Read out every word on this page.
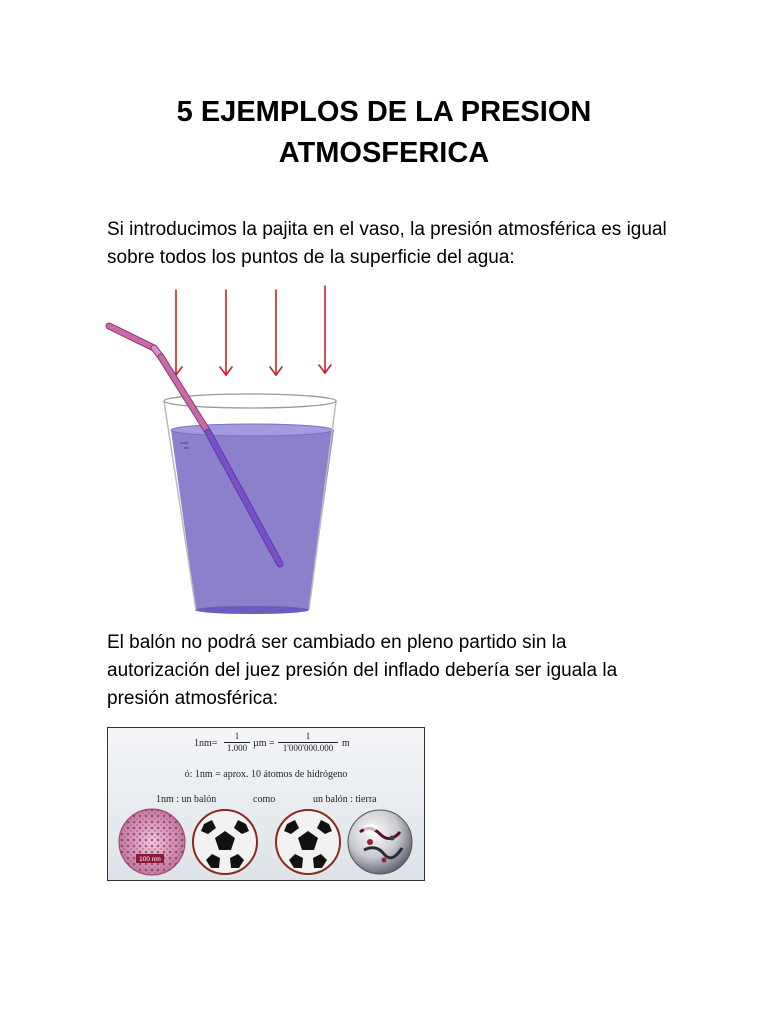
5 EJEMPLOS DE LA PRESION
ATMOSFERICA
Si introducimos la pajita en el vaso, la presión atmosférica es igual sobre todos los puntos de la superficie del agua:
El balón no podrá ser cambiado en pleno partido sin la autorización del juez presión del inflado debería ser iguala la presión atmosférica:
$1nm= \frac{1}{1.000}$ $\mu m = \frac{1}{1'000'000.000}$ m
ó: 1nm = aprox. 10 átomos de hidrógeno
1nm : un balón	como	un balón : tierra
100 nm
